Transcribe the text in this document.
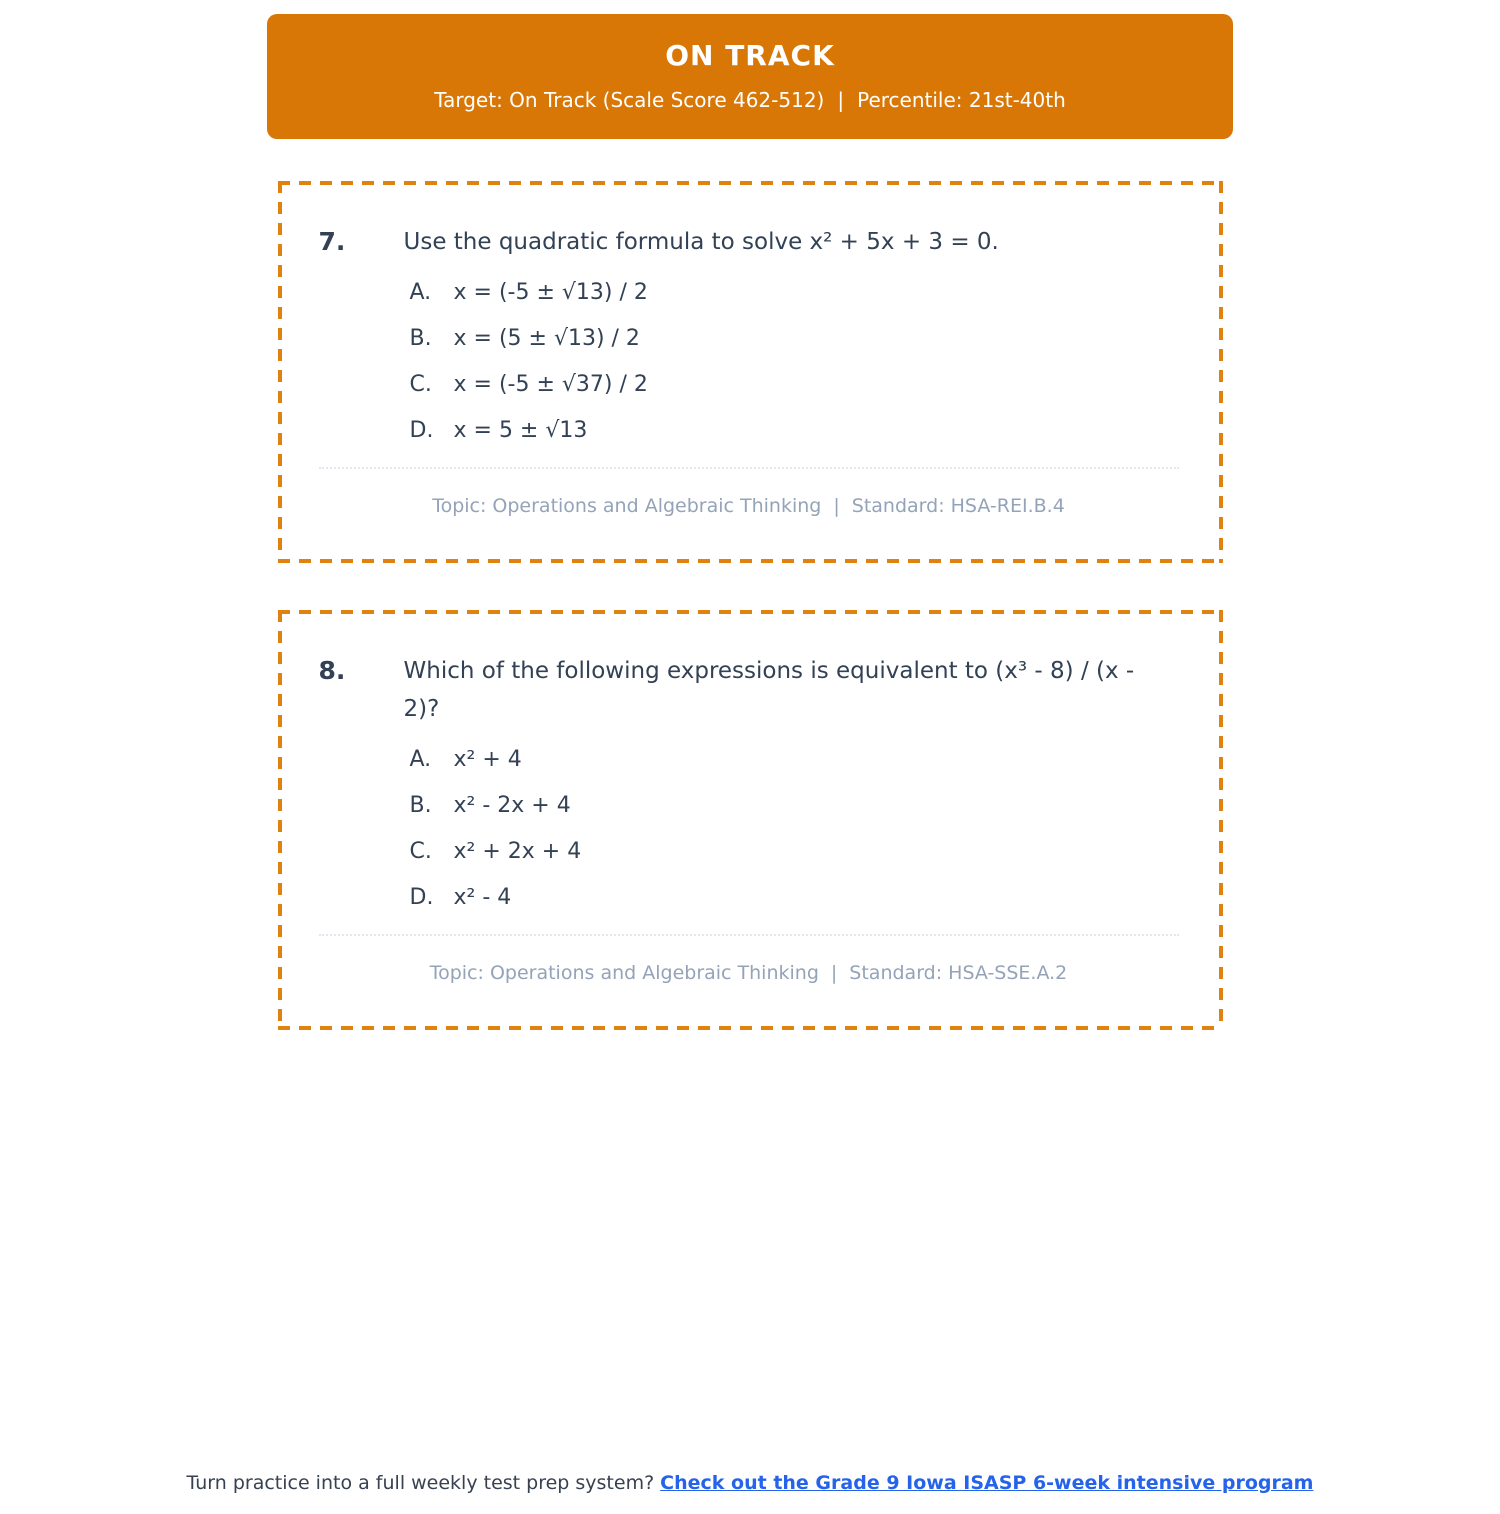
ON TRACK
Target: On Track (Scale Score 462-512) | Percentile: 21st-40th
7.	Use the quadratic formula to solve x² + 5x + 3 = 0.
A.	x = (-5 ± √13) / 2
B. x = (5 ± √13) / 2
C. x = (-5 ± √37) / 2
D. x = 5 ± √13
Topic: Operations and Algebraic Thinking | Standard: HSA-REI.B.4
8.	Which of the following expressions is equivalent to (x³ - 8) / (x - 2)?
A.	x² + 4
B. x² - 2x + 4
C. x² + 2x + 4
D. x² - 4
Topic: Operations and Algebraic Thinking | Standard: HSA-SSE.A.2
Turn practice into a full weekly test prep system? Check out the Grade 9 Iowa ISASP 6-week intensive program
